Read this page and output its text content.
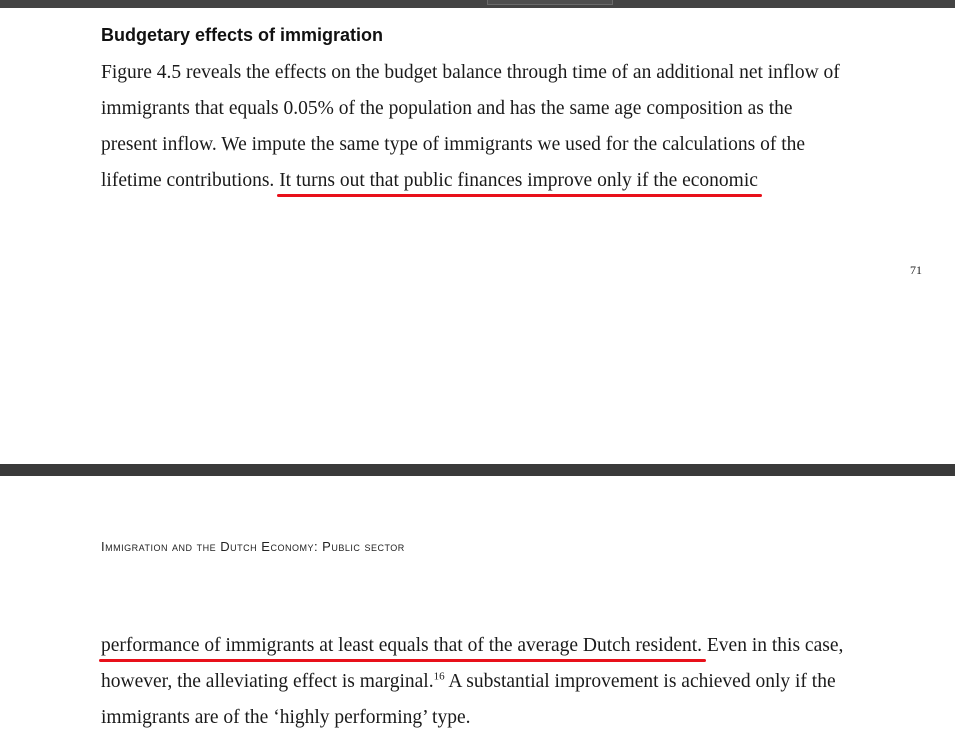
Budgetary effects of immigration

Figure 4.5 reveals the effects on the budget balance through time of an additional net inflow of

immigrants that equals 0.05% of the population and has the same age composition as the

present inflow. We impute the same type of immigrants we used for the calculations of the

lifetime contributions. It turns out that public finances improve only if the economic

71
Immigration and the Dutch Economy: Public sector

performance of immigrants at least equals that of the average Dutch resident. Even in this case,

however, the alleviating effect is marginal.$^{16}$ A substantial improvement is achieved only if the

immigrants are of the ‘highly performing’ type.
